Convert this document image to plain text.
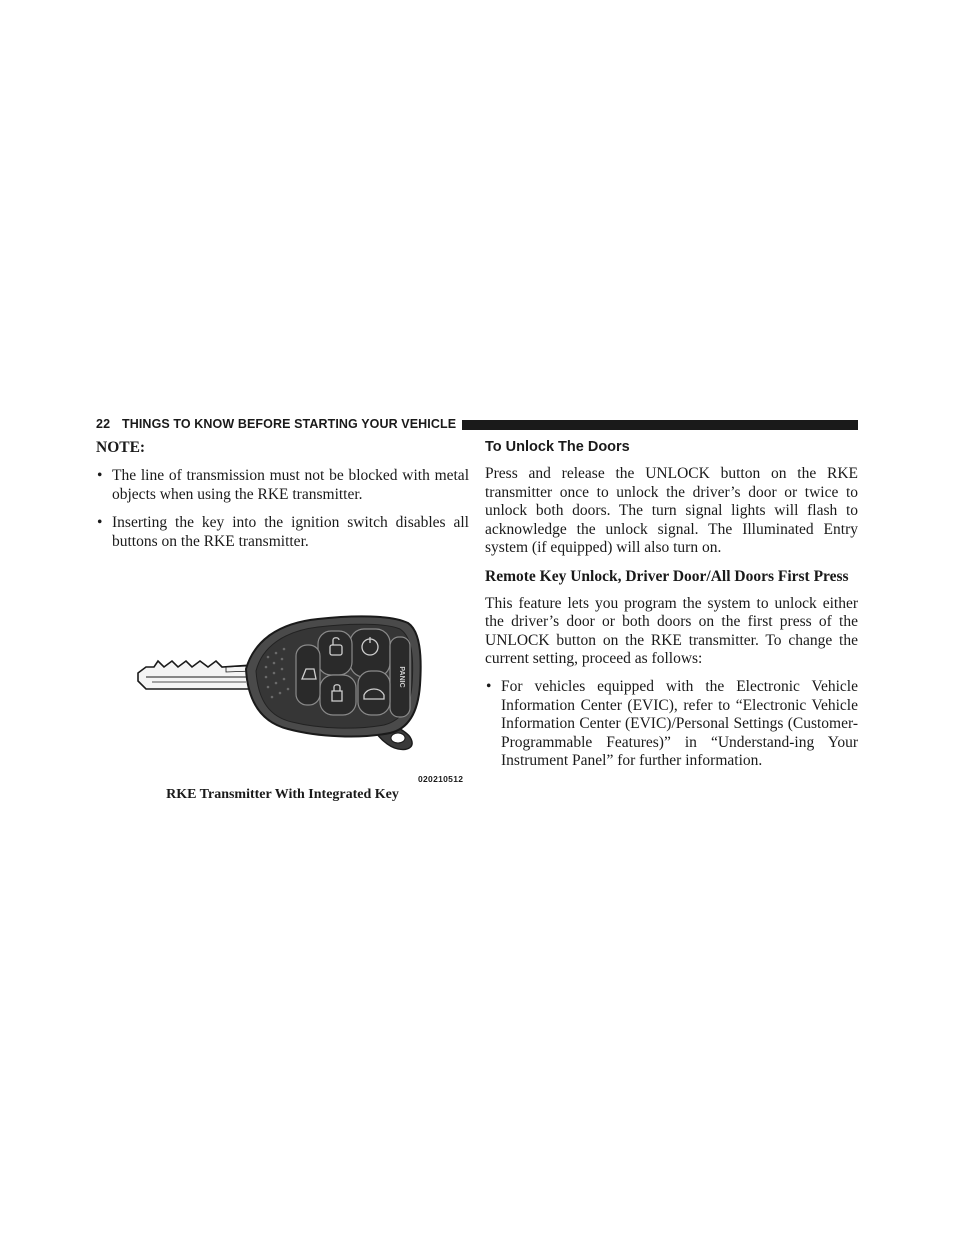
22 THINGS TO KNOW BEFORE STARTING YOUR VEHICLE

NOTE:

• The line of transmission must not be blocked with metal objects when using the RKE transmitter.
• Inserting the key into the ignition switch disables all buttons on the RKE transmitter.
PANIC
020210512
RKE Transmitter With Integrated Key

To Unlock The Doors

Press and release the UNLOCK button on the RKE transmitter once to unlock the driver’s door or twice to unlock both doors. The turn signal lights will flash to acknowledge the unlock signal. The Illuminated Entry system (if equipped) will also turn on.

Remote Key Unlock, Driver Door/All Doors First Press

This feature lets you program the system to unlock either the driver’s door or both doors on the first press of the UNLOCK button on the RKE transmitter. To change the current setting, proceed as follows:

• For vehicles equipped with the Electronic Vehicle Information Center (EVIC), refer to “Electronic Vehicle Information Center (EVIC)/Personal Settings (Customer-Programmable Features)” in “Understand-ing Your Instrument Panel” for further information.
